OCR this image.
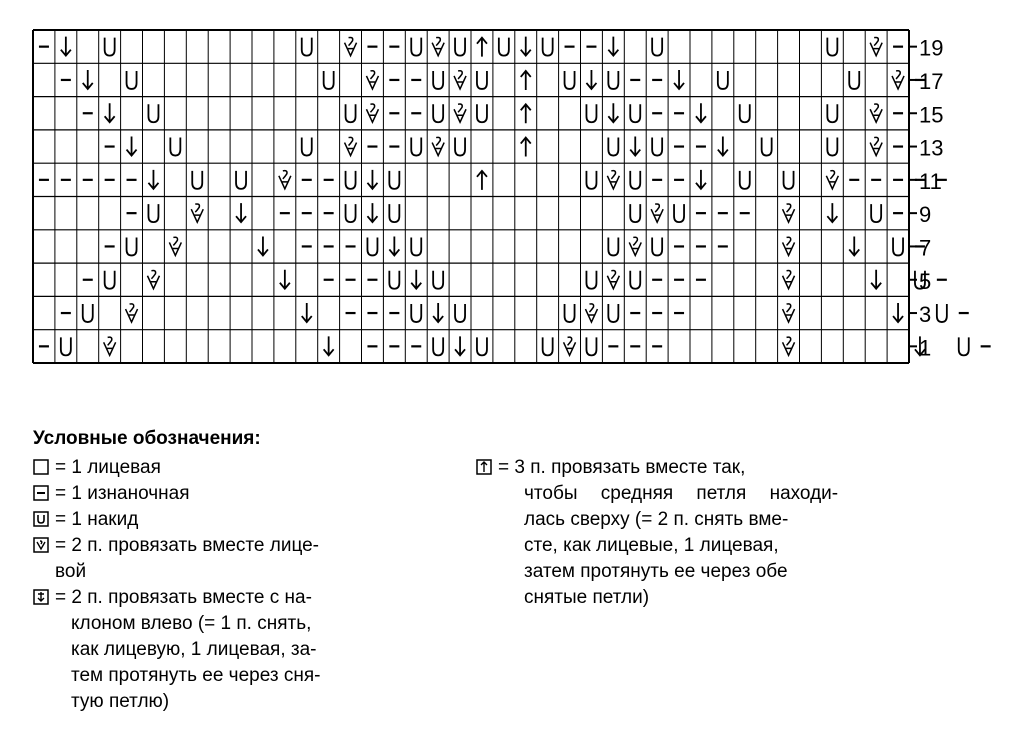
19
17
15
13
11
9
7
5
3
1
Условные обозначения:
= 1 лицевая
= 1 изнаночная
= 1 накид
= 2 п. провязать вместе лице-
вой
= 2 п. провязать вместе с на-
клоном влево (= 1 п. снять,
как лицевую, 1 лицевая, за-
тем протянуть ее через сня-
тую петлю)
= 3 п. провязать вместе так,
чтобы средняя петля находи-
лась сверху (= 2 п. снять вме-
сте, как лицевые, 1 лицевая,
затем протянуть ее через обе
снятые петли)
